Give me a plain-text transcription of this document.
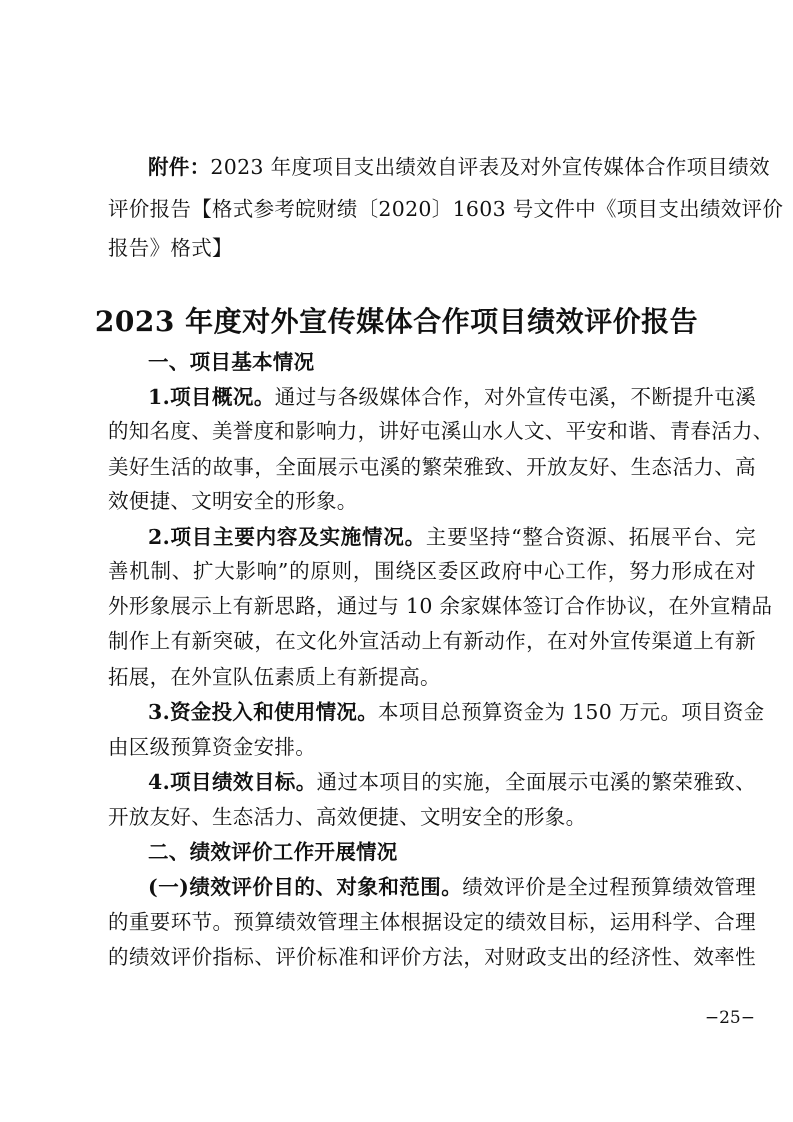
附件：2023 年度项目支出绩效自评表及对外宣传媒体合作项目绩效
评价报告【格式参考皖财绩〔2020〕1603 号文件中《项目支出绩效评价
报告》格式】
2023 年度对外宣传媒体合作项目绩效评价报告
一、项目基本情况
1.项目概况。通过与各级媒体合作，对外宣传屯溪，不断提升屯溪
的知名度、美誉度和影响力，讲好屯溪山水人文、平安和谐、青春活力、
美好生活的故事，全面展示屯溪的繁荣雅致、开放友好、生态活力、高
效便捷、文明安全的形象。
2.项目主要内容及实施情况。主要坚持“整合资源、拓展平台、完
善机制、扩大影响”的原则，围绕区委区政府中心工作，努力形成在对
外形象展示上有新思路，通过与 10 余家媒体签订合作协议，在外宣精品
制作上有新突破，在文化外宣活动上有新动作，在对外宣传渠道上有新
拓展，在外宣队伍素质上有新提高。
3.资金投入和使用情况。本项目总预算资金为 150 万元。项目资金
由区级预算资金安排。
4.项目绩效目标。通过本项目的实施，全面展示屯溪的繁荣雅致、
开放友好、生态活力、高效便捷、文明安全的形象。
二、绩效评价工作开展情况
(一)绩效评价目的、对象和范围。绩效评价是全过程预算绩效管理
的重要环节。预算绩效管理主体根据设定的绩效目标，运用科学、合理
的绩效评价指标、评价标准和评价方法，对财政支出的经济性、效率性
−25−
